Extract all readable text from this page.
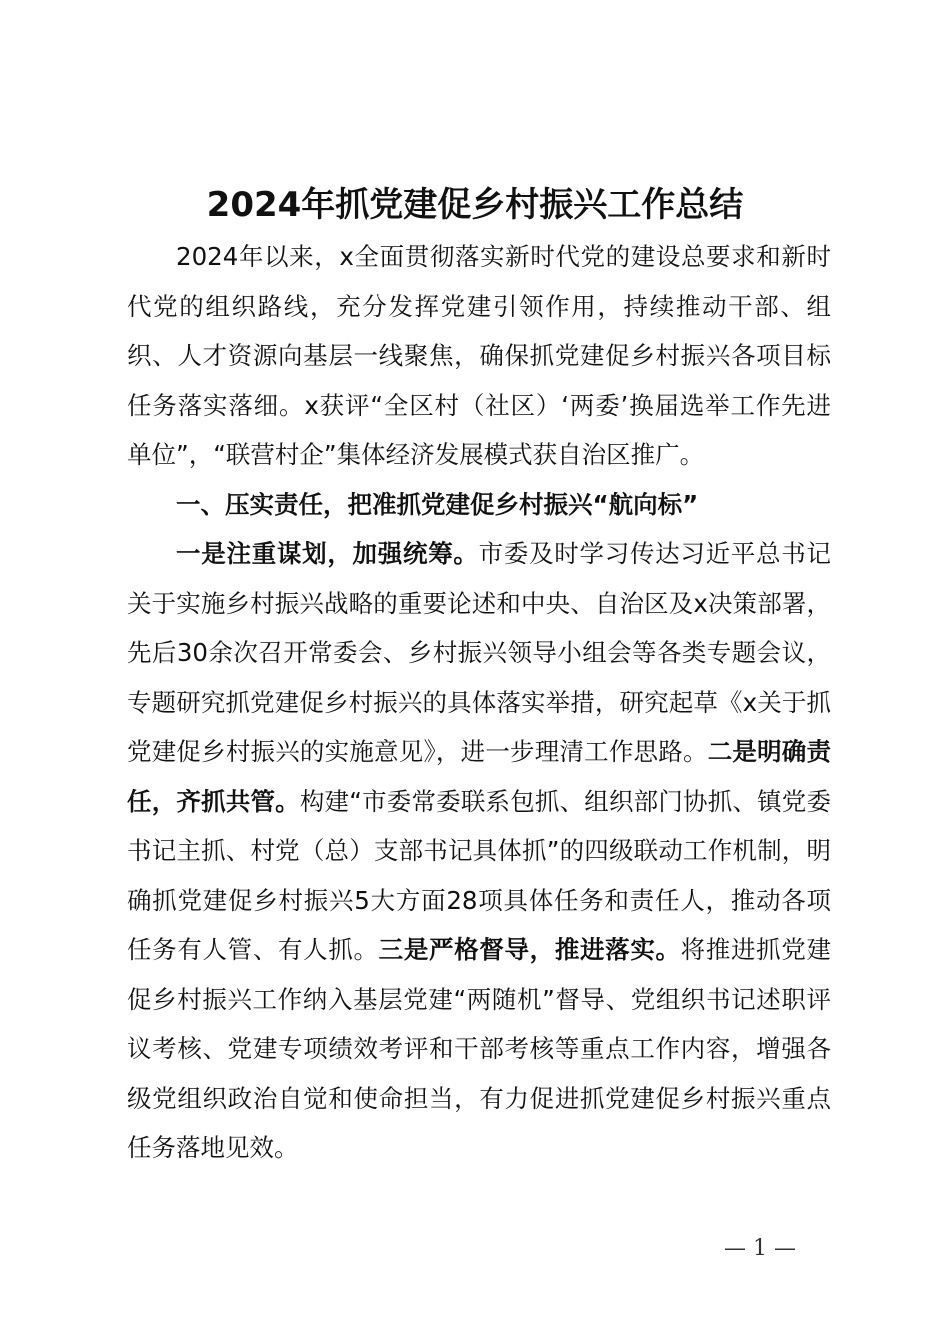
2024年抓党建促乡村振兴工作总结

2024年以来，x全面贯彻落实新时代党的建设总要求和新时代党的组织路线，充分发挥党建引领作用，持续推动干部、组织、人才资源向基层一线聚焦，确保抓党建促乡村振兴各项目标任务落实落细。x获评“全区村（社区）‘两委’换届选举工作先进单位”，“联营村企”集体经济发展模式获自治区推广。

一、压实责任，把准抓党建促乡村振兴“航向标”

一是注重谋划，加强统筹。市委及时学习传达习近平总书记关于实施乡村振兴战略的重要论述和中央、自治区及x决策部署，先后30余次召开常委会、乡村振兴领导小组会等各类专题会议，专题研究抓党建促乡村振兴的具体落实举措，研究起草《x关于抓党建促乡村振兴的实施意见》，进一步理清工作思路。二是明确责任，齐抓共管。构建“市委常委联系包抓、组织部门协抓、镇党委书记主抓、村党（总）支部书记具体抓”的四级联动工作机制，明确抓党建促乡村振兴5大方面28项具体任务和责任人，推动各项任务有人管、有人抓。三是严格督导，推进落实。将推进抓党建促乡村振兴工作纳入基层党建“两随机”督导、党组织书记述职评议考核、党建专项绩效考评和干部考核等重点工作内容，增强各级党组织政治自觉和使命担当，有力促进抓党建促乡村振兴重点任务落地见效。

— 1 —
